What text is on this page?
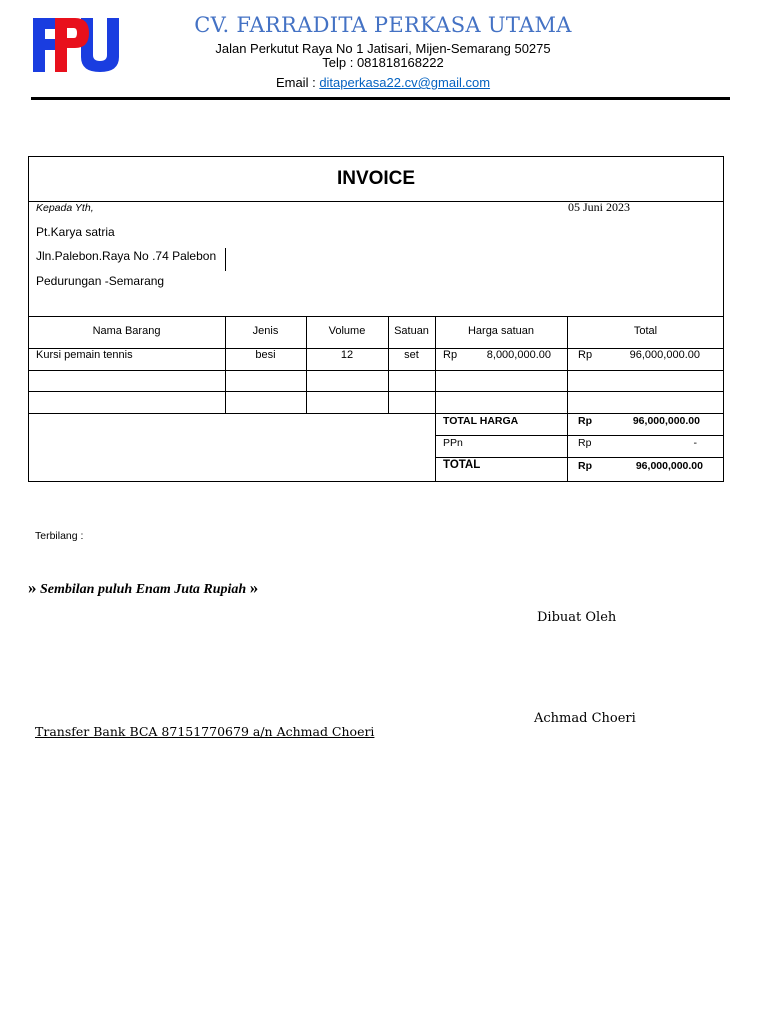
CV. FARRADITA PERKASA UTAMA
Jalan Perkutut Raya No 1 Jatisari, Mijen-Semarang 50275
Telp : 081818168222
Email : ditaperkasa22.cv@gmail.com
INVOICE
Kepada Yth,	05 Juni 2023
Pt.Karya satria
Jln.Palebon.Raya No .74 Palebon
Pedurungan -Semarang
Nama Barang	Jenis	Volume	Satuan	Harga satuan	Total
Kursi pemain tennis	besi	12	set	Rp	8,000,000.00 Rp	96,000,000.00
TOTAL HARGA	Rp	96,000,000.00
PPn	Rp	-
TOTAL	Rp	96,000,000.00
Terbilang :
» Sembilan puluh Enam Juta Rupiah »
Dibuat Oleh
Achmad Choeri
Transfer Bank BCA 87151770679 a/n Achmad Choeri
